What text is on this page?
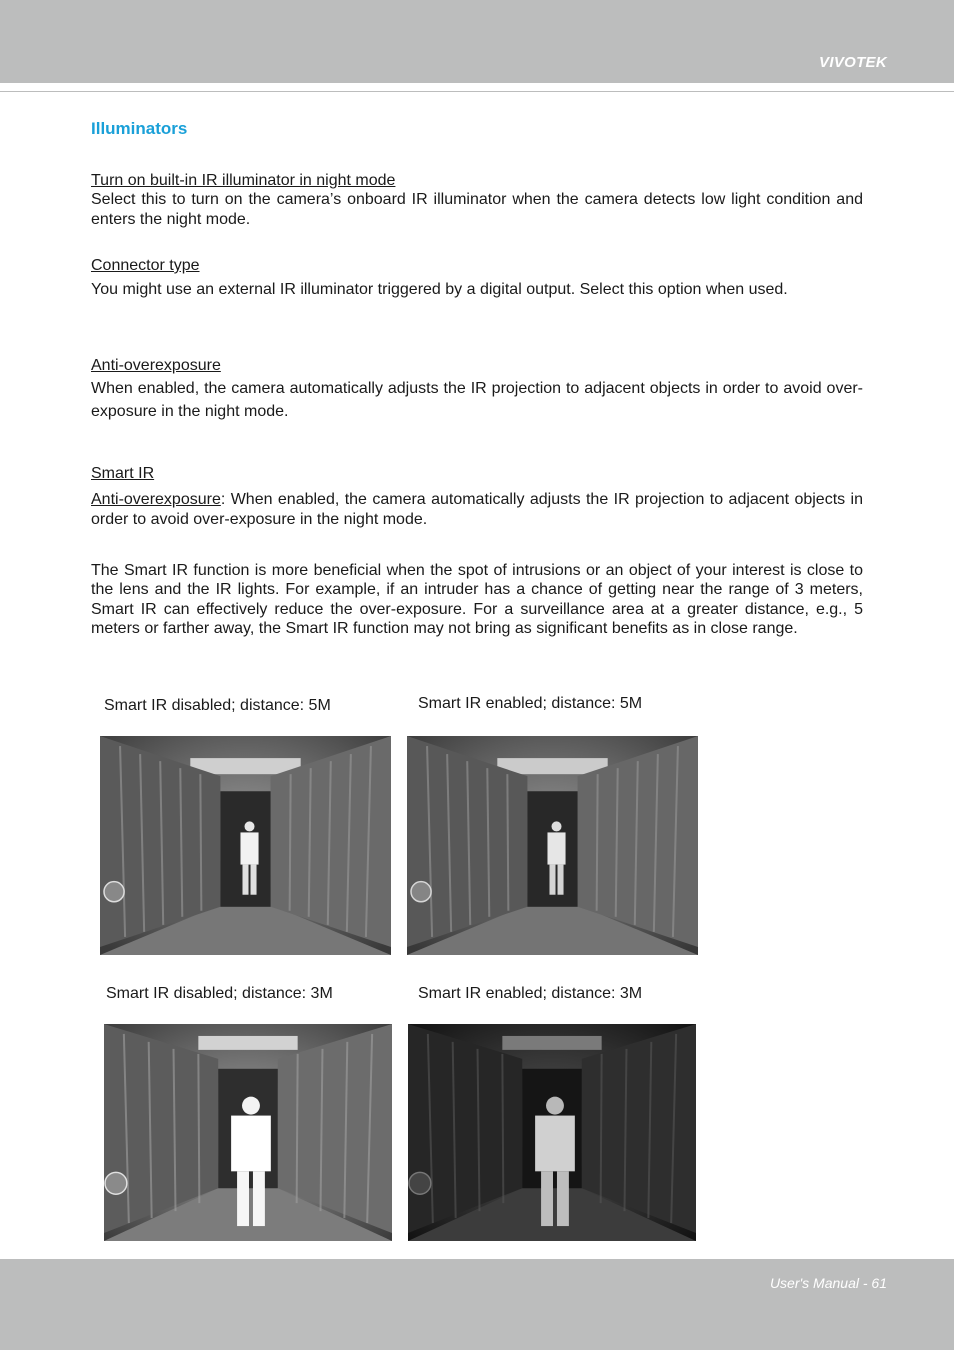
VIVOTEK
Illuminators
Turn on built-in IR illuminator in night mode
Select this to turn on the camera’s onboard IR illuminator when the camera detects low light condition and enters the night mode.
Connector type
You might use an external IR illuminator triggered by a digital output. Select this option when used.
Anti-overexposure
When enabled, the camera automatically adjusts the IR projection to adjacent objects in order to avoid over-exposure in the night mode.
Smart IR
Anti-overexposure: When enabled, the camera automatically adjusts the IR projection to adjacent objects in order to avoid over-exposure in the night mode.
The Smart IR function is more beneficial when the spot of intrusions or an object of your interest is close to the lens and the IR lights. For example, if an intruder has a chance of getting near the range of 3 meters, Smart IR can effectively reduce the over-exposure. For a surveillance area at a greater distance, e.g., 5 meters or farther away, the Smart IR function may not bring as significant benefits as in close range.
Smart IR disabled; distance: 5M	Smart IR enabled; distance: 5M
Smart IR disabled; distance: 3M	Smart IR enabled; distance: 3M
User's Manual - 61
